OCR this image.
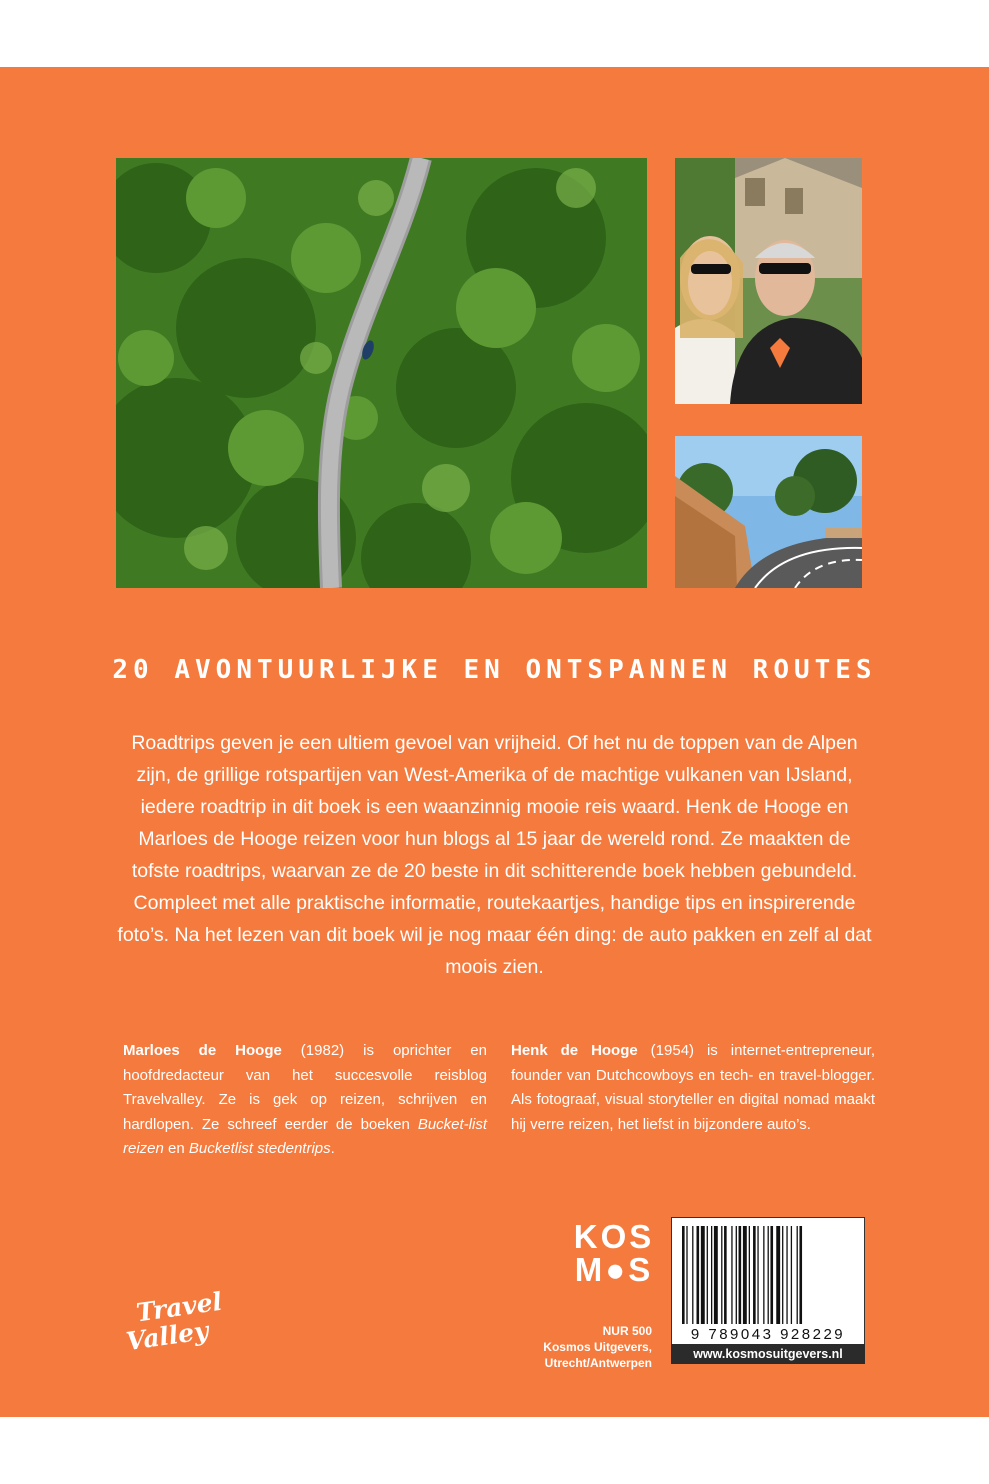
20 AVONTUURLIJKE EN ONTSPANNEN ROUTES
Roadtrips geven je een ultiem gevoel van vrijheid. Of het nu de toppen van de Alpen zijn, de grillige rotspartijen van West-Amerika of de machtige vulkanen van IJsland, iedere roadtrip in dit boek is een waanzinnig mooie reis waard. Henk de Hooge en Marloes de Hooge reizen voor hun blogs al 15 jaar de wereld rond. Ze maakten de tofste roadtrips, waarvan ze de 20 beste in dit schitterende boek hebben gebundeld. Compleet met alle praktische informatie, routekaartjes, handige tips en inspirerende foto’s. Na het lezen van dit boek wil je nog maar één ding: de auto pakken en zelf al dat moois zien.
Marloes de Hooge (1982) is oprichter en hoofdredacteur van het succesvolle reisblog Travelvalley. Ze is gek op reizen, schrijven en hardlopen. Ze schreef eerder de boeken Bucket-list reizen en Bucketlist stedentrips.
Henk de Hooge (1954) is internet-entrepreneur, founder van Dutchcowboys en tech- en travel-blogger. Als fotograaf, visual storyteller en digital nomad maakt hij verre reizen, het liefst in bijzondere auto’s.
Travel
Valley
KOS
M●S
NUR 500
Kosmos Uitgevers,
Utrecht/Antwerpen
9 789043 928229
www.kosmosuitgevers.nl
